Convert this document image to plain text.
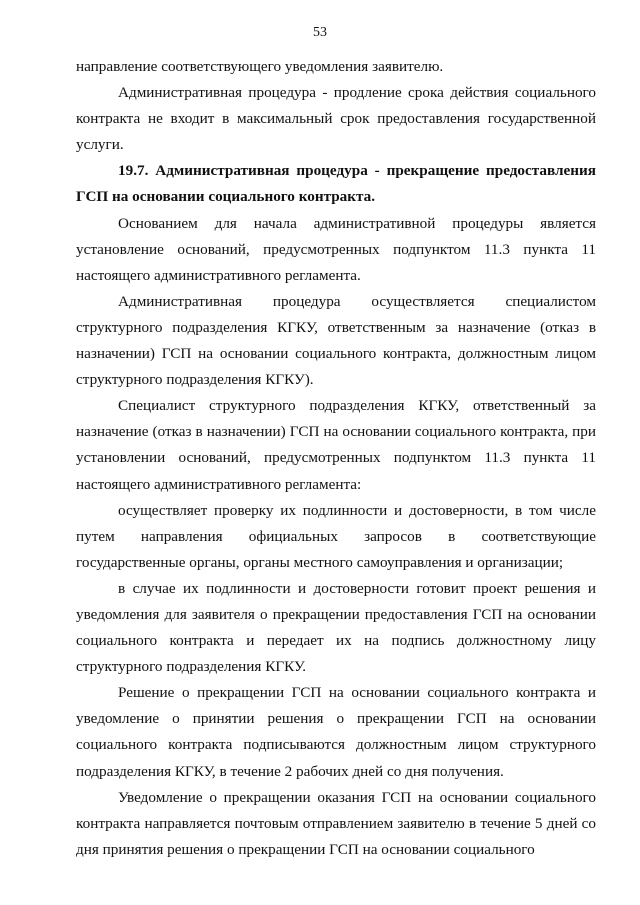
53

направление соответствующего уведомления заявителю.

Административная процедура - продление срока действия социального контракта не входит в максимальный срок предоставления государственной услуги.

19.7. Административная процедура - прекращение предоставления ГСП на основании социального контракта.

Основанием для начала административной процедуры является установление оснований, предусмотренных подпунктом 11.3 пункта 11 настоящего административного регламента.

Административная процедура осуществляется специалистом структурного подразделения КГКУ, ответственным за назначение (отказ в назначении) ГСП на основании социального контракта, должностным лицом структурного подразделения КГКУ).

Специалист структурного подразделения КГКУ, ответственный за назначение (отказ в назначении) ГСП на основании социального контракта, при установлении оснований, предусмотренных подпунктом 11.3 пункта 11 настоящего административного регламента:

осуществляет проверку их подлинности и достоверности, в том числе путем направления официальных запросов в соответствующие государственные органы, органы местного самоуправления и организации;

в случае их подлинности и достоверности готовит проект решения и уведомления для заявителя о прекращении предоставления ГСП на основании социального контракта и передает их на подпись должностному лицу структурного подразделения КГКУ.

Решение о прекращении ГСП на основании социального контракта и уведомление о принятии решения о прекращении ГСП на основании социального контракта подписываются должностным лицом структурного подразделения КГКУ, в течение 2 рабочих дней со дня получения.

Уведомление о прекращении оказания ГСП на основании социального контракта направляется почтовым отправлением заявителю в течение 5 дней со дня принятия решения о прекращении ГСП на основании социального
